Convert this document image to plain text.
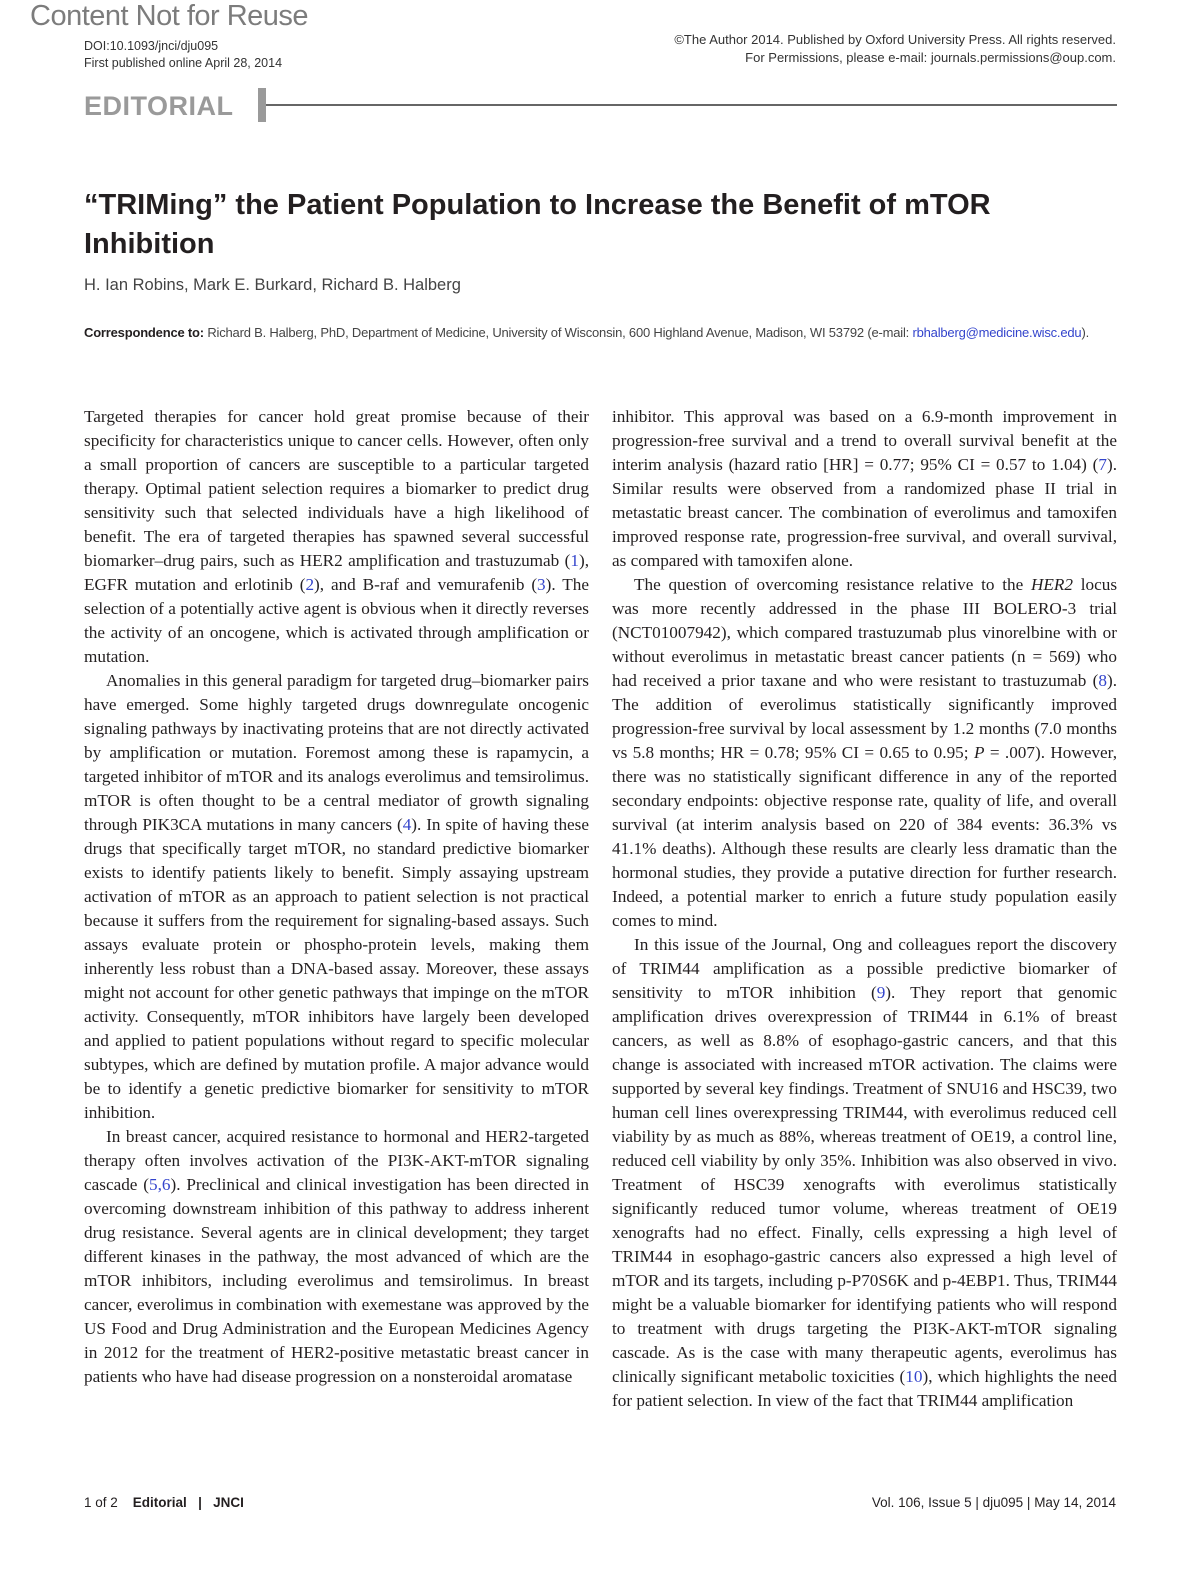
Content Not for Reuse
DOI:10.1093/jnci/dju095
First published online April 28, 2014
©The Author 2014. Published by Oxford University Press. All rights reserved.
For Permissions, please e-mail: journals.permissions@oup.com.
EDITORIAL
“TRIMing” the Patient Population to Increase the Benefit of mTOR Inhibition
H. Ian Robins, Mark E. Burkard, Richard B. Halberg
Correspondence to: Richard B. Halberg, PhD, Department of Medicine, University of Wisconsin, 600 Highland Avenue, Madison, WI 53792 (e-mail: rbhalberg@medicine.wisc.edu).

Targeted therapies for cancer hold great promise because of their specificity for characteristics unique to cancer cells. However, often only a small proportion of cancers are susceptible to a particular targeted therapy. Optimal patient selection requires a biomarker to predict drug sensitivity such that selected individuals have a high likelihood of benefit. The era of targeted therapies has spawned several successful biomarker–drug pairs, such as HER2 amplification and trastuzumab (1), EGFR mutation and erlotinib (2), and B-raf and vemurafenib (3). The selection of a potentially active agent is obvious when it directly reverses the activity of an oncogene, which is activated through amplification or mutation.

Anomalies in this general paradigm for targeted drug–biomarker pairs have emerged. Some highly targeted drugs downregulate oncogenic signaling pathways by inactivating proteins that are not directly activated by amplification or mutation. Foremost among these is rapamycin, a targeted inhibitor of mTOR and its analogs everolimus and temsirolimus. mTOR is often thought to be a central mediator of growth signaling through PIK3CA mutations in many cancers (4). In spite of having these drugs that specifically target mTOR, no standard predictive biomarker exists to identify patients likely to benefit. Simply assaying upstream activation of mTOR as an approach to patient selection is not practical because it suffers from the requirement for signaling-based assays. Such assays evaluate protein or phospho-protein levels, making them inherently less robust than a DNA-based assay. Moreover, these assays might not account for other genetic pathways that impinge on the mTOR activity. Consequently, mTOR inhibitors have largely been developed and applied to patient populations without regard to specific molecular subtypes, which are defined by mutation profile. A major advance would be to identify a genetic predictive biomarker for sensitivity to mTOR inhibition.

In breast cancer, acquired resistance to hormonal and HER2-targeted therapy often involves activation of the PI3K-AKT-mTOR signaling cascade (5,6). Preclinical and clinical investigation has been directed in overcoming downstream inhibition of this pathway to address inherent drug resistance. Several agents are in clinical development; they target different kinases in the pathway, the most advanced of which are the mTOR inhibitors, including everolimus and temsirolimus. In breast cancer, everolimus in combination with exemestane was approved by the US Food and Drug Administration and the European Medicines Agency in 2012 for the treatment of HER2-positive metastatic breast cancer in patients who have had disease progression on a nonsteroidal aromatase

inhibitor. This approval was based on a 6.9-month improvement in progression-free survival and a trend to overall survival benefit at the interim analysis (hazard ratio [HR] = 0.77; 95% CI = 0.57 to 1.04) (7). Similar results were observed from a randomized phase II trial in metastatic breast cancer. The combination of everolimus and tamoxifen improved response rate, progression-free survival, and overall survival, as compared with tamoxifen alone.

The question of overcoming resistance relative to the HER2 locus was more recently addressed in the phase III BOLERO-3 trial (NCT01007942), which compared trastuzumab plus vinorelbine with or without everolimus in metastatic breast cancer patients (n = 569) who had received a prior taxane and who were resistant to trastuzumab (8). The addition of everolimus statistically significantly improved progression-free survival by local assessment by 1.2 months (7.0 months vs 5.8 months; HR = 0.78; 95% CI = 0.65 to 0.95; P = .007). However, there was no statistically significant difference in any of the reported secondary endpoints: objective response rate, quality of life, and overall survival (at interim analysis based on 220 of 384 events: 36.3% vs 41.1% deaths). Although these results are clearly less dramatic than the hormonal studies, they provide a putative direction for further research. Indeed, a potential marker to enrich a future study population easily comes to mind.

In this issue of the Journal, Ong and colleagues report the discovery of TRIM44 amplification as a possible predictive biomarker of sensitivity to mTOR inhibition (9). They report that genomic amplification drives overexpression of TRIM44 in 6.1% of breast cancers, as well as 8.8% of esophago-gastric cancers, and that this change is associated with increased mTOR activation. The claims were supported by several key findings. Treatment of SNU16 and HSC39, two human cell lines overexpressing TRIM44, with everolimus reduced cell viability by as much as 88%, whereas treatment of OE19, a control line, reduced cell viability by only 35%. Inhibition was also observed in vivo. Treatment of HSC39 xenografts with everolimus statistically significantly reduced tumor volume, whereas treatment of OE19 xenografts had no effect. Finally, cells expressing a high level of TRIM44 in esophago-gastric cancers also expressed a high level of mTOR and its targets, including p-P70S6K and p-4EBP1. Thus, TRIM44 might be a valuable biomarker for identifying patients who will respond to treatment with drugs targeting the PI3K-AKT-mTOR signaling cascade. As is the case with many therapeutic agents, everolimus has clinically significant metabolic toxicities (10), which highlights the need for patient selection. In view of the fact that TRIM44 amplification

1 of 2 Editorial | JNCI	Vol. 106, Issue 5 | dju095 | May 14, 2014
